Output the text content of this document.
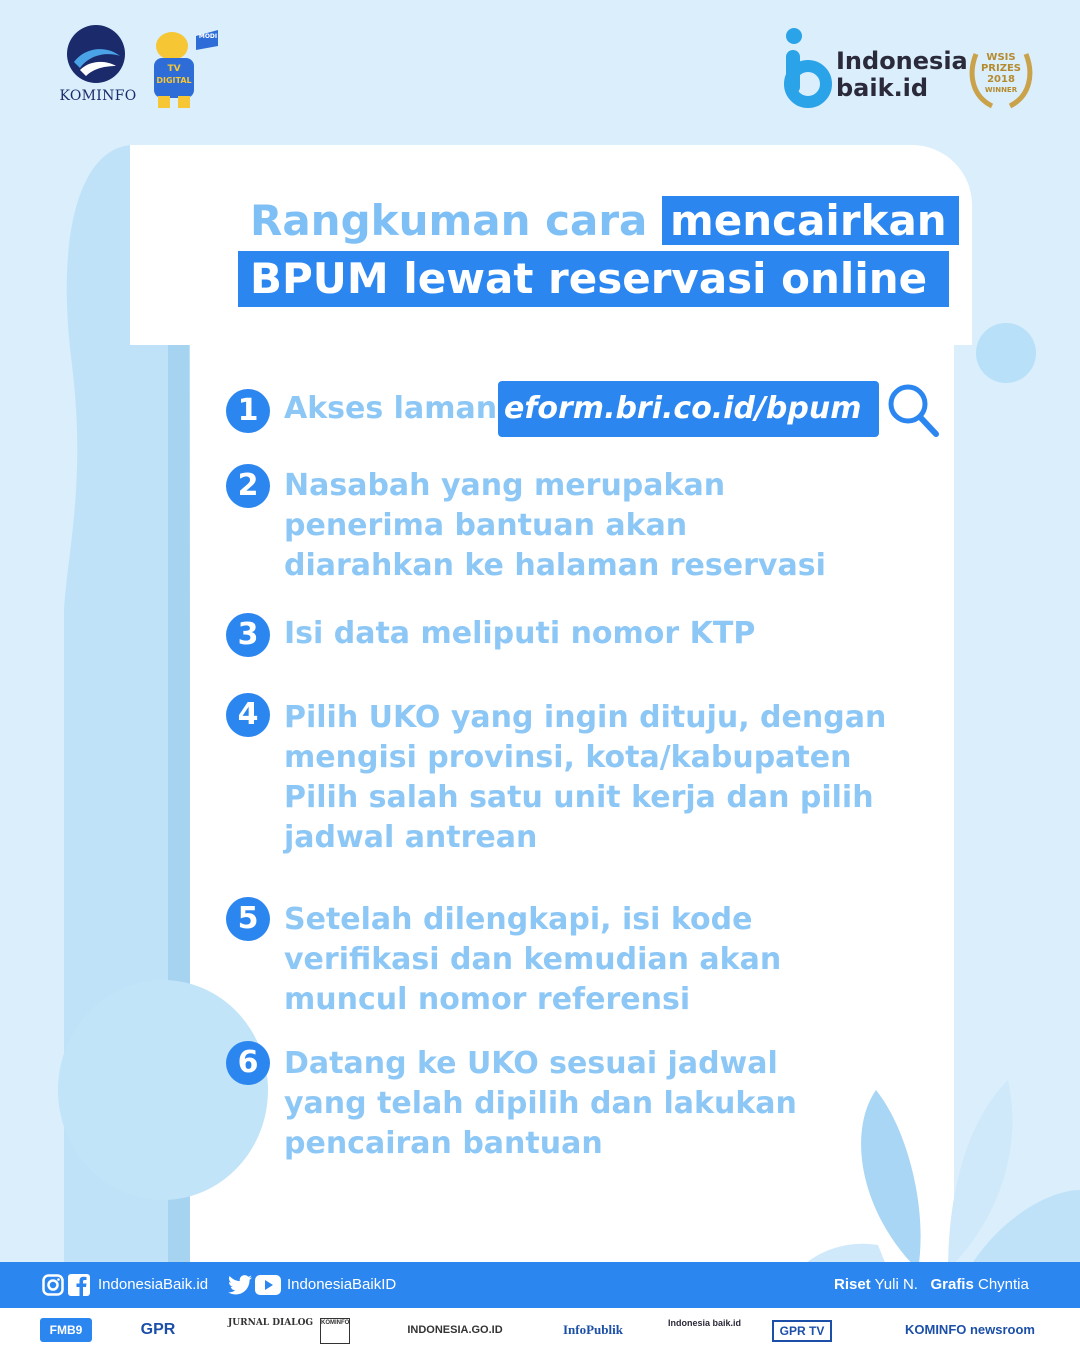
KOMINFO
TV
DIGITAL
MODI
Indonesia
baik.id
WSIS
PRIZES
2018
WINNER
Rangkuman cara mencairkan
BPUM lewat reservasi online
1 Akses laman eform.bri.co.id/bpum
2 Nasabah yang merupakan
penerima bantuan akan
diarahkan ke halaman reservasi
3 Isi data meliputi nomor KTP
4 Pilih UKO yang ingin dituju, dengan
mengisi provinsi, kota/kabupaten
Pilih salah satu unit kerja dan pilih
jadwal antrean
5 Setelah dilengkapi, isi kode
verifikasi dan kemudian akan
muncul nomor referensi
6 Datang ke UKO sesuai jadwal
yang telah dipilih dan lakukan
pencairan bantuan
IndonesiaBaik.id	IndonesiaBaikID	Riset Yuli N. Grafis Chyntia
FMB9	GPR	JURNAL DIALOG KOMINFO
INDONESIA.GO.ID	InfoPublik	Indonesia baik.id
GPR TV	KOMINFO newsroom
